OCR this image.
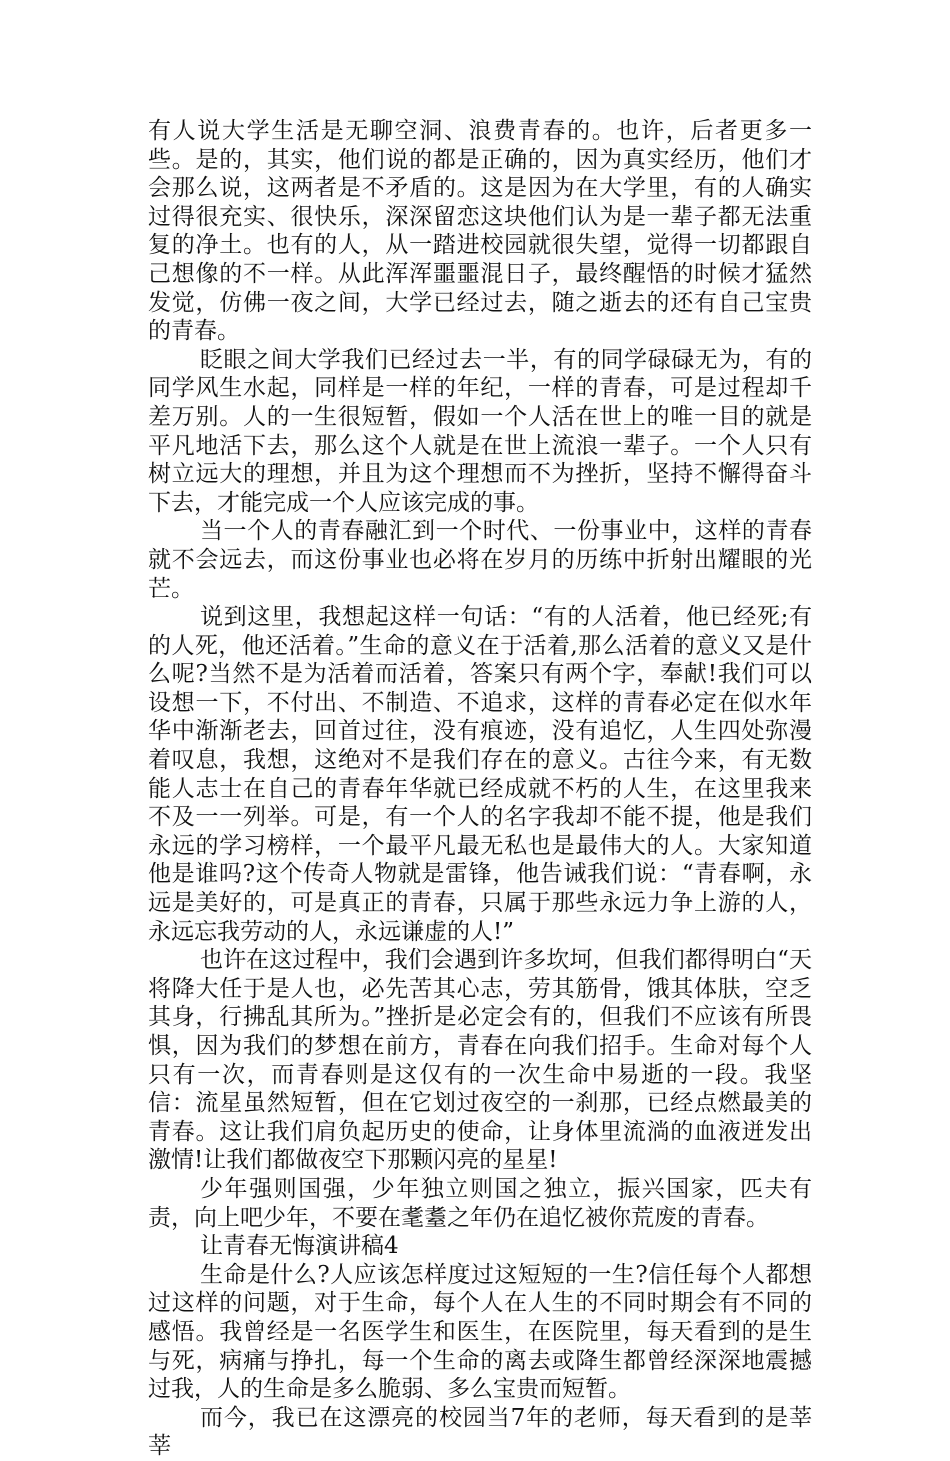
有人说大学生活是无聊空洞、浪费青春的。也许，后者更多一些。是的，其实，他们说的都是正确的，因为真实经历，他们才会那么说，这两者是不矛盾的。这是因为在大学里，有的人确实过得很充实、很快乐，深深留恋这块他们认为是一辈子都无法重复的净土。也有的人，从一踏进校园就很失望，觉得一切都跟自己想像的不一样。从此浑浑噩噩混日子，最终醒悟的时候才猛然发觉，仿佛一夜之间，大学已经过去，随之逝去的还有自己宝贵的青春。

眨眼之间大学我们已经过去一半，有的同学碌碌无为，有的同学风生水起，同样是一样的年纪，一样的青春，可是过程却千差万别。人的一生很短暂，假如一个人活在世上的唯一目的就是平凡地活下去，那么这个人就是在世上流浪一辈子。一个人只有树立远大的理想，并且为这个理想而不为挫折，坚持不懈得奋斗下去，才能完成一个人应该完成的事。

当一个人的青春融汇到一个时代、一份事业中，这样的青春就不会远去，而这份事业也必将在岁月的历练中折射出耀眼的光芒。

说到这里，我想起这样一句话：“有的人活着，他已经死;有的人死，他还活着。”生命的意义在于活着,那么活着的意义又是什么呢?当然不是为活着而活着，答案只有两个字，奉献!我们可以设想一下，不付出、不制造、不追求，这样的青春必定在似水年华中渐渐老去，回首过往，没有痕迹，没有追忆，人生四处弥漫着叹息，我想，这绝对不是我们存在的意义。古往今来，有无数能人志士在自己的青春年华就已经成就不朽的人生，在这里我来不及一一列举。可是，有一个人的名字我却不能不提，他是我们永远的学习榜样，一个最平凡最无私也是最伟大的人。大家知道他是谁吗?这个传奇人物就是雷锋，他告诫我们说：“青春啊，永远是美好的，可是真正的青春，只属于那些永远力争上游的人，永远忘我劳动的人，永远谦虚的人!”

也许在这过程中，我们会遇到许多坎坷，但我们都得明白“天将降大任于是人也，必先苦其心志，劳其筋骨，饿其体肤，空乏其身，行拂乱其所为。”挫折是必定会有的，但我们不应该有所畏惧，因为我们的梦想在前方，青春在向我们招手。生命对每个人只有一次，而青春则是这仅有的一次生命中易逝的一段。我坚信：流星虽然短暂，但在它划过夜空的一刹那，已经点燃最美的青春。这让我们肩负起历史的使命，让身体里流淌的血液迸发出激情!让我们都做夜空下那颗闪亮的星星!

少年强则国强，少年独立则国之独立，振兴国家，匹夫有责，向上吧少年，不要在耄耋之年仍在追忆被你荒废的青春。

让青春无悔演讲稿4

生命是什么?人应该怎样度过这短短的一生?信任每个人都想过这样的问题，对于生命，每个人在人生的不同时期会有不同的感悟。我曾经是一名医学生和医生，在医院里，每天看到的是生与死，病痛与挣扎，每一个生命的离去或降生都曾经深深地震撼过我，人的生命是多么脆弱、多么宝贵而短暂。

而今，我已在这漂亮的校园当7年的老师，每天看到的是莘莘
